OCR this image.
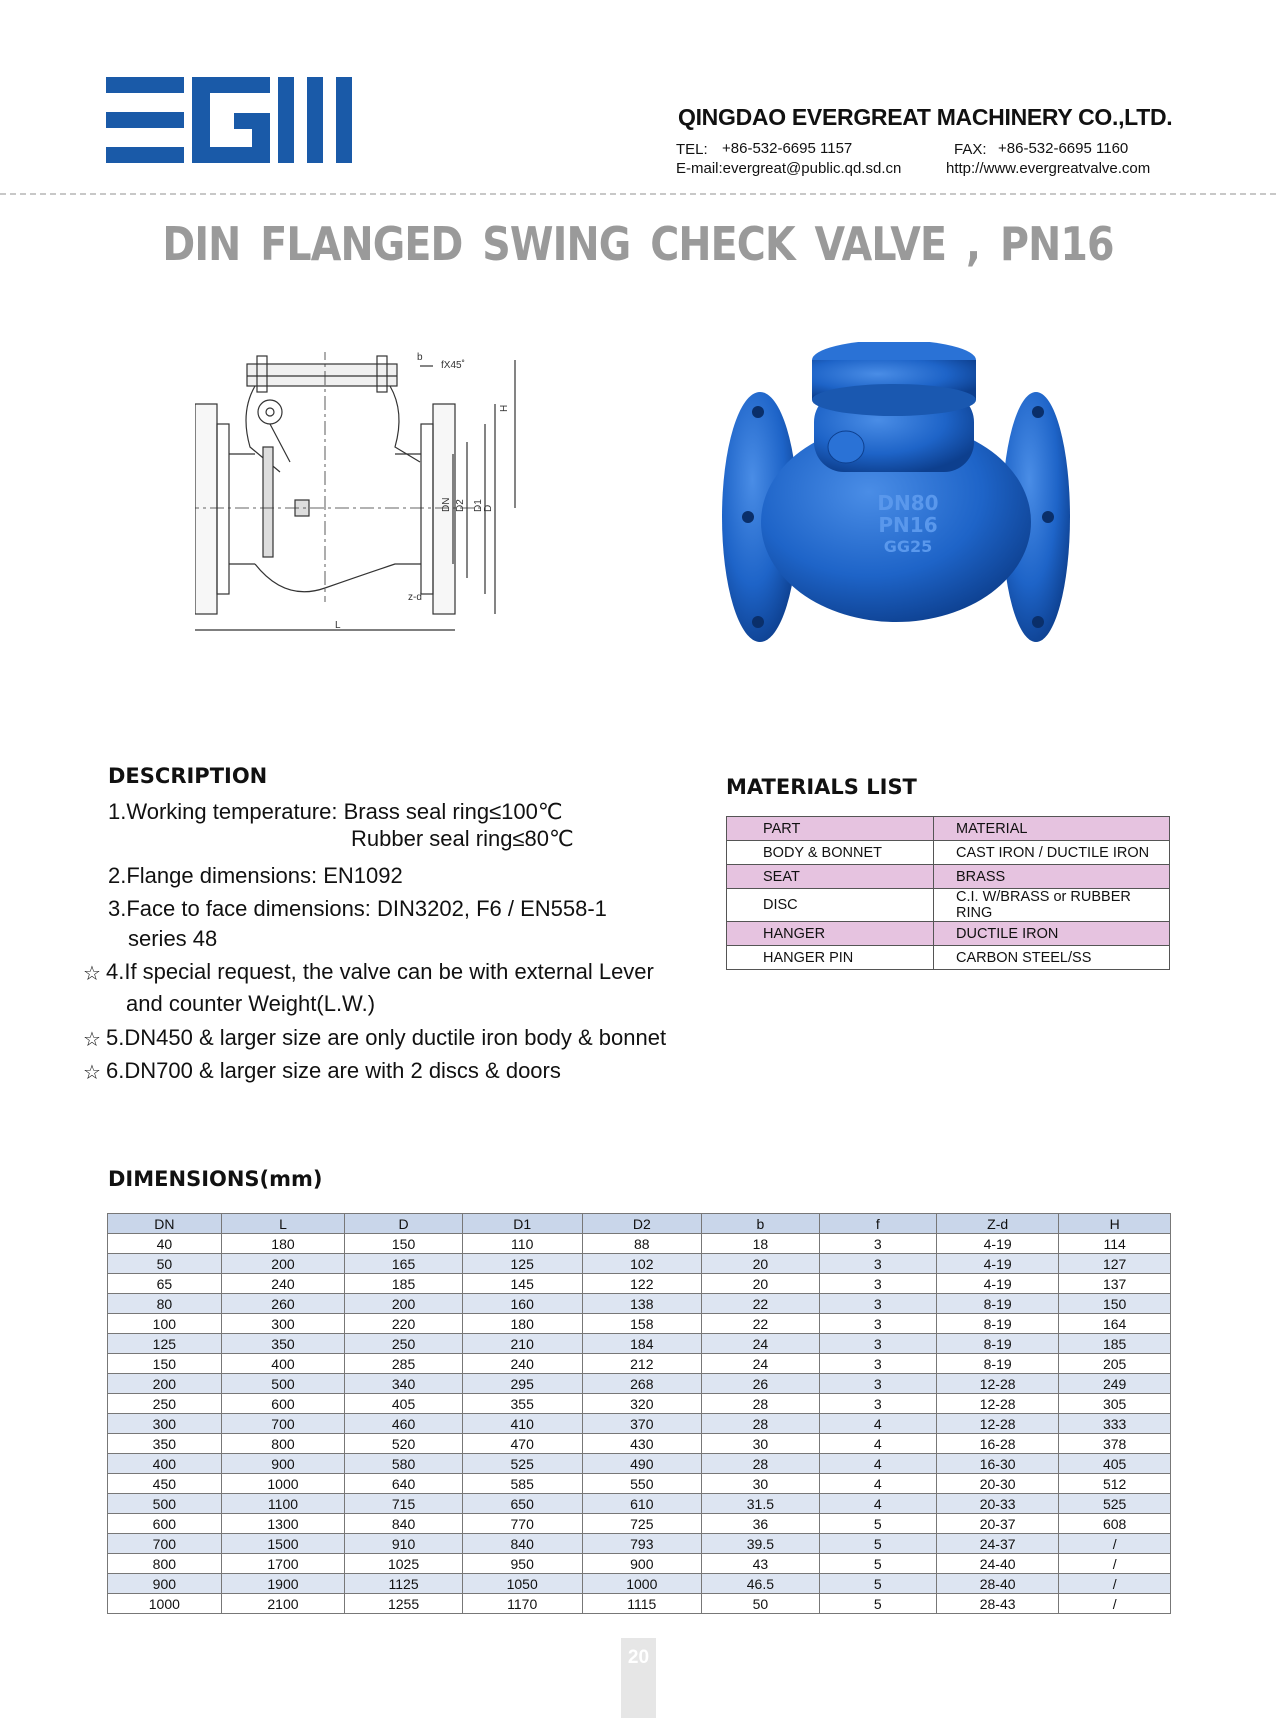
QINGDAO EVERGREAT MACHINERY CO.,LTD.
TEL: +86-532-6695 1157	FAX: +86-532-6695 1160
E-mail:evergreat@public.qd.sd.cn	http://www.evergreatvalve.com
DIN FLANGED SWING CHECK VALVE , PN16
b
fX45˚
H
DN D2 D1 D
z-d
L
DN80
PN16
GG25
DESCRIPTION
1.Working temperature: Brass seal ring≤100℃
Rubber seal ring≤80℃
2.Flange dimensions: EN1092
3.Face to face dimensions: DIN3202, F6 / EN558-1
series 48
☆ 4.If special request, the valve can be with external Lever
and counter Weight(L.W.)
☆ 5.DN450 & larger size are only ductile iron body & bonnet
☆ 6.DN700 & larger size are with 2 discs & doors
MATERIALS LIST
PART	MATERIAL
BODY & BONNET	CAST IRON / DUCTILE IRON
SEAT	BRASS
DISC	C.I. W/BRASS or RUBBER RING
HANGER	DUCTILE IRON
HANGER PIN	CARBON STEEL/SS
DIMENSIONS(mm)
DN	L	D	D1	D2	b	f	Z-d	H
40	180	150	110	88	18	3	4-19	114
50	200	165	125	102	20	3	4-19	127
65	240	185	145	122	20	3	4-19	137
80	260	200	160	138	22	3	8-19	150
100	300	220	180	158	22	3	8-19	164
125	350	250	210	184	24	3	8-19	185
150	400	285	240	212	24	3	8-19	205
200	500	340	295	268	26	3	12-28	249
250	600	405	355	320	28	3	12-28	305
300	700	460	410	370	28	4	12-28	333
350	800	520	470	430	30	4	16-28	378
400	900	580	525	490	28	4	16-30	405
450	1000	640	585	550	30	4	20-30	512
500	1100	715	650	610	31.5	4	20-33	525
600	1300	840	770	725	36	5	20-37	608
700	1500	910	840	793	39.5	5	24-37	/
800	1700	1025	950	900	43	5	24-40	/
900	1900	1125	1050	1000	46.5	5	28-40	/
1000	2100	1255	1170	1115	50	5	28-43	/
20
